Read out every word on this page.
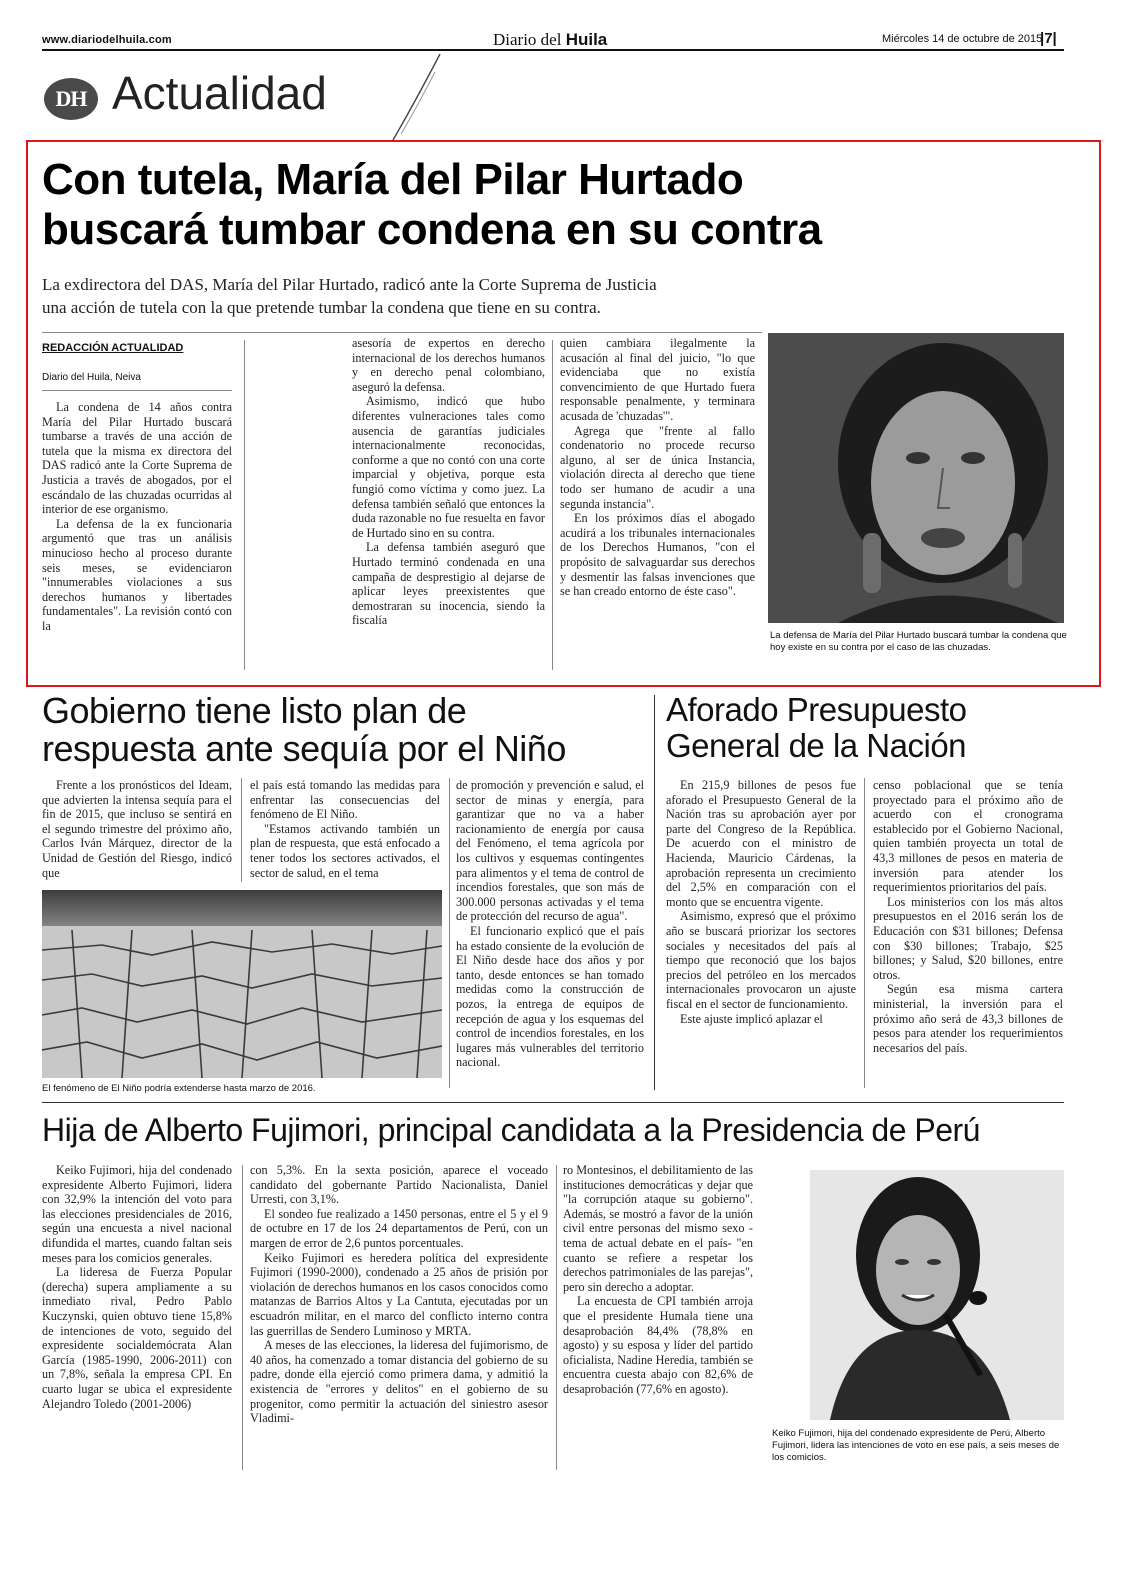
www.diariodelhuila.com	Diario del Huila	Miércoles 14 de octubre de 2015
|7|
DH Actualidad
Con tutela, María del Pilar Hurtado
buscará tumbar condena en su contra
La exdirectora del DAS, María del Pilar Hurtado, radicó ante la Corte Suprema de Justicia
una acción de tutela con la que pretende tumbar la condena que tiene en su contra.
REDACCIÓN ACTUALIDAD
Diario del Huila, Neiva

La condena de 14 años contra María del Pilar Hurtado buscará tumbarse a través de una acción de tutela que la misma ex directora del DAS radicó ante la Corte Suprema de Justicia a través de abogados, por el escándalo de las chuzadas ocurridas al interior de ese organismo.

La defensa de la ex funcionaria argumentó que tras un análisis minucioso hecho al proceso durante seis meses, se evidenciaron "innumerables violaciones a sus derechos humanos y libertades fundamentales". La revisión contó con la

asesoría de expertos en derecho internacional de los derechos humanos y en derecho penal colombiano, aseguró la defensa.

Asimismo, indicó que hubo diferentes vulneraciones tales como ausencia de garantías judiciales internacionalmente reconocidas, conforme a que no contó con una corte imparcial y objetiva, porque esta fungió como víctima y como juez. La defensa también señaló que entonces la duda razonable no fue resuelta en favor de Hurtado sino en su contra.

La defensa también aseguró que Hurtado terminó condenada en una campaña de desprestigio al dejarse de aplicar leyes preexistentes que demostraran su inocencia, siendo la fiscalía

quien cambiara ilegalmente la acusación al final del juicio, "lo que evidenciaba que no existía convencimiento de que Hurtado fuera responsable penalmente, y terminara acusada de 'chuzadas'".

Agrega que "frente al fallo condenatorio no procede recurso alguno, al ser de única Instancia, violación directa al derecho que tiene todo ser humano de acudir a una segunda instancia".

En los próximos días el abogado acudirá a los tribunales internacionales de los Derechos Humanos, "con el propósito de salvaguardar sus derechos y desmentir las falsas invenciones que se han creado entorno de éste caso".

La defensa de María del Pilar Hurtado buscará tumbar la condena que hoy existe en su contra por el caso de las chuzadas.
Gobierno tiene listo plan de
respuesta ante sequía por el Niño

Frente a los pronósticos del Ideam, que advierten la intensa sequía para el fin de 2015, que incluso se sentirá en el segundo trimestre del próximo año, Carlos Iván Márquez, director de la Unidad de Gestión del Riesgo, indicó que

el país está tomando las medidas para enfrentar las consecuencias del fenómeno de El Niño.

"Estamos activando también un plan de respuesta, que está enfocado a tener todos los sectores activados, el sector de salud, en el tema

de promoción y prevención e salud, el sector de minas y energía, para garantizar que no va a haber racionamiento de energía por causa del Fenómeno, el tema agrícola por los cultivos y esquemas contingentes para alimentos y el tema de control de incendios forestales, que son más de 300.000 personas activadas y el tema de protección del recurso de agua".

El funcionario explicó que el país ha estado consiente de la evolución de El Niño desde hace dos años y por tanto, desde entonces se han tomado medidas como la construcción de pozos, la entrega de equipos de recepción de agua y los esquemas del control de incendios forestales, en los lugares más vulnerables del territorio nacional.

El fenómeno de El Niño podría extenderse hasta marzo de 2016.
Aforado Presupuesto
General de la Nación

En 215,9 billones de pesos fue aforado el Presupuesto General de la Nación tras su aprobación ayer por parte del Congreso de la República. De acuerdo con el ministro de Hacienda, Mauricio Cárdenas, la aprobación representa un crecimiento del 2,5% en comparación con el monto que se encuentra vigente.

Asimismo, expresó que el próximo año se buscará priorizar los sectores sociales y necesitados del país al tiempo que reconoció que los bajos precios del petróleo en los mercados internacionales provocaron un ajuste fiscal en el sector de funcionamiento.

Este ajuste implicó aplazar el

censo poblacional que se tenía proyectado para el próximo año de acuerdo con el cronograma establecido por el Gobierno Nacional, quien también proyecta un total de 43,3 millones de pesos en materia de inversión para atender los requerimientos prioritarios del país.

Los ministerios con los más altos presupuestos en el 2016 serán los de Educación con $31 billones; Defensa con $30 billones; Trabajo, $25 billones; y Salud, $20 billones, entre otros.

Según esa misma cartera ministerial, la inversión para el próximo año será de 43,3 billones de pesos para atender los requerimientos necesarios del país.

Hija de Alberto Fujimori, principal candidata a la Presidencia de Perú

Keiko Fujimori, hija del condenado expresidente Alberto Fujimori, lidera con 32,9% la intención del voto para las elecciones presidenciales de 2016, según una encuesta a nivel nacional difundida el martes, cuando faltan seis meses para los comicios generales.

La lideresa de Fuerza Popular (derecha) supera ampliamente a su inmediato rival, Pedro Pablo Kuczynski, quien obtuvo tiene 15,8% de intenciones de voto, seguido del expresidente socialdemócrata Alan García (1985-1990, 2006-2011) con un 7,8%, señala la empresa CPI. En cuarto lugar se ubica el expresidente Alejandro Toledo (2001-2006)

con 5,3%. En la sexta posición, aparece el voceado candidato del gobernante Partido Nacionalista, Daniel Urresti, con 3,1%.

El sondeo fue realizado a 1450 personas, entre el 5 y el 9 de octubre en 17 de los 24 departamentos de Perú, con un margen de error de 2,6 puntos porcentuales.

Keiko Fujimori es heredera política del expresidente Fujimori (1990-2000), condenado a 25 años de prisión por violación de derechos humanos en los casos conocidos como matanzas de Barrios Altos y La Cantuta, ejecutadas por un escuadrón militar, en el marco del conflicto interno contra las guerrillas de Sendero Luminoso y MRTA.

A meses de las elecciones, la lideresa del fujimorismo, de 40 años, ha comenzado a tomar distancia del gobierno de su padre, donde ella ejerció como primera dama, y admitió la existencia de "errores y delitos" en el gobierno de su progenitor, como permitir la actuación del siniestro asesor Vladimi-

ro Montesinos, el debilitamiento de las instituciones democráticas y dejar que "la corrupción ataque su gobierno". Además, se mostró a favor de la unión civil entre personas del mismo sexo -tema de actual debate en el país- "en cuanto se refiere a respetar los derechos patrimoniales de las parejas", pero sin derecho a adoptar.

La encuesta de CPI también arroja que el presidente Humala tiene una desaprobación 84,4% (78,8% en agosto) y su esposa y líder del partido oficialista, Nadine Heredia, también se encuentra cuesta abajo con 82,6% de desaprobación (77,6% en agosto).

Keiko Fujimori, hija del condenado expresidente de Perú, Alberto Fujimori, lidera las intenciones de voto en ese país, a seis meses de los comicios.
